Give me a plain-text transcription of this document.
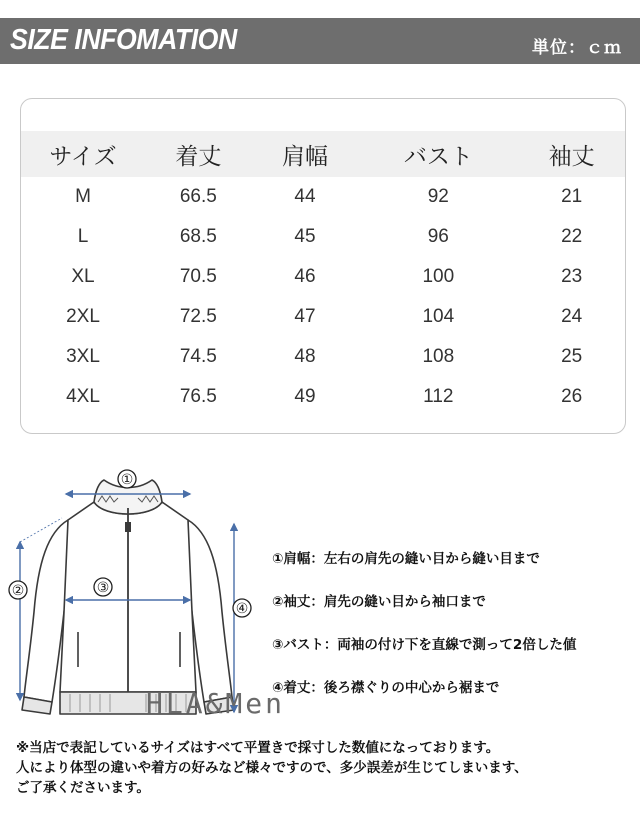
SIZE INFOMATION	単位：ｃｍ
サイズ	着丈	肩幅	バスト	袖丈
M	66.5	44	92	21
L	68.5	45	96	22
XL	70.5	46	100	23
2XL	72.5	47	104	24
3XL	74.5	48	108	25
4XL	76.5	49	112	26
①
②	③
④
HLA&Men
①肩幅：左右の肩先の縫い目から縫い目まで
②袖丈：肩先の縫い目から袖口まで
③バスト：両袖の付け下を直線で測って2倍した値
④着丈：後ろ襟ぐりの中心から裾まで
※当店で表記しているサイズはすべて平置きで採寸した数値になっております。
人により体型の違いや着方の好みなど様々ですので、多少誤差が生じてしまいます、
ご了承くださいます。
